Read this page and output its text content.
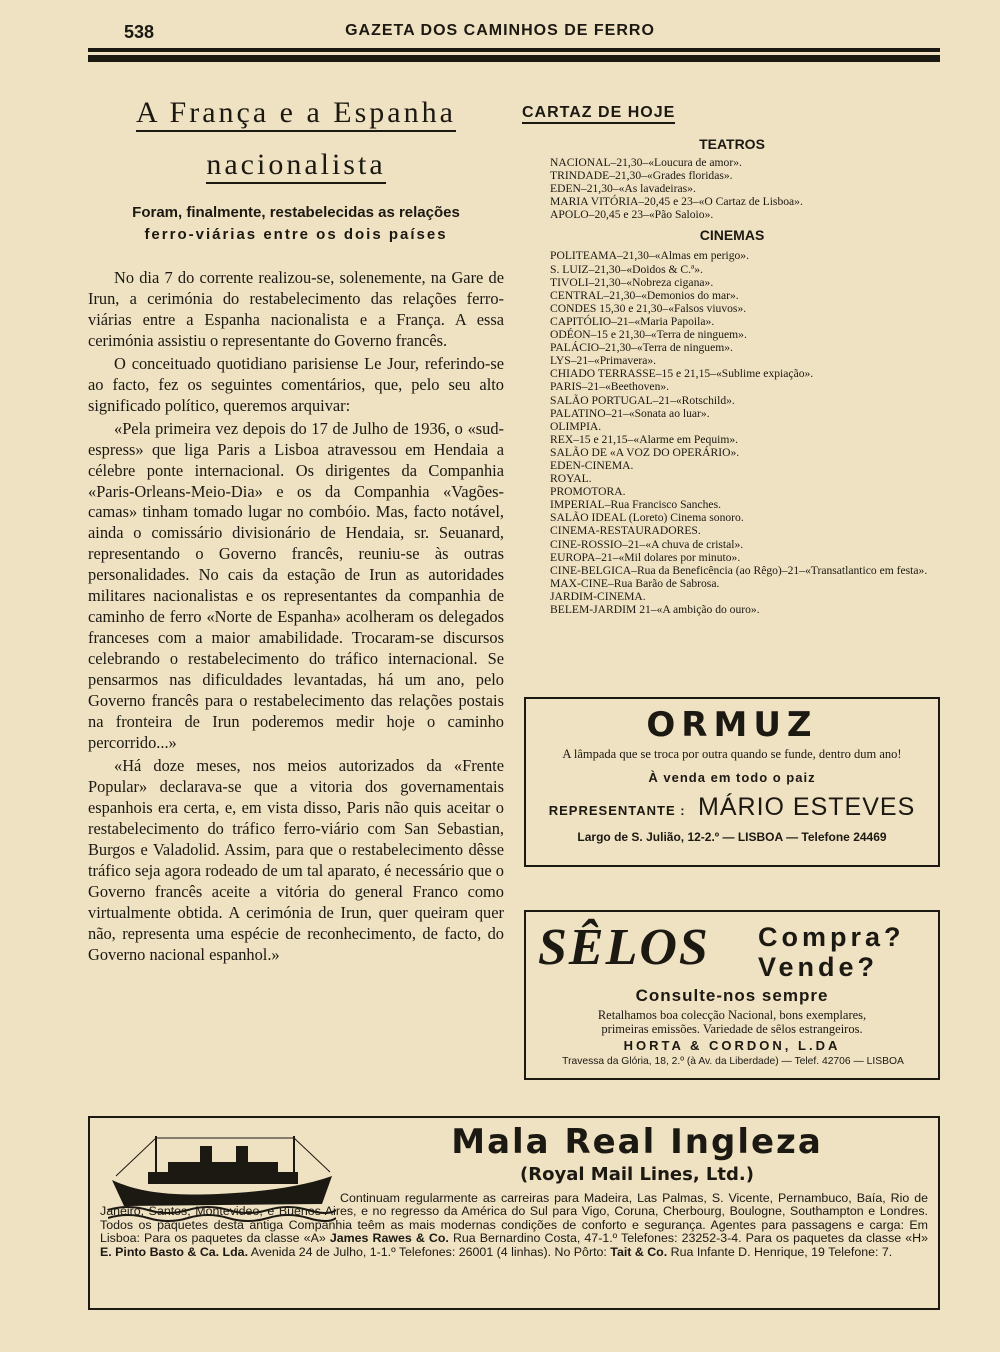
538	GAZETA DOS CAMINHOS DE FERRO
A França e a Espanha
nacionalista
Foram, finalmente, restabelecidas as relações
ferro-viárias entre os dois países

No dia 7 do corrente realizou-se, solenemente, na Gare de Irun, a cerimónia do restabelecimento das relações ferro-viárias entre a Espanha nacionalista e a França. A essa cerimónia assistiu o representante do Governo francês.

O conceituado quotidiano parisiense Le Jour, referindo-se ao facto, fez os seguintes comentários, que, pelo seu alto significado político, queremos arquivar:

«Pela primeira vez depois do 17 de Julho de 1936, o «sud-espress» que liga Paris a Lisboa atravessou em Hendaia a célebre ponte internacional. Os dirigentes da Companhia «Paris-Orleans-Meio-Dia» e os da Companhia «Vagões-camas» tinham tomado lugar no combóio. Mas, facto notável, ainda o comissário divisionário de Hendaia, sr. Seuanard, representando o Governo francês, reuniu-se às outras personalidades. No cais da estação de Irun as autoridades militares nacionalistas e os representantes da companhia de caminho de ferro «Norte de Espanha» acolheram os delegados franceses com a maior amabilidade. Trocaram-se discursos celebrando o restabelecimento do tráfico internacional. Se pensarmos nas dificuldades levantadas, há um ano, pelo Governo francês para o restabelecimento das relações postais na fronteira de Irun poderemos medir hoje o caminho percorrido...»

«Há doze meses, nos meios autorizados da «Frente Popular» declarava-se que a vitoria dos governamentais espanhois era certa, e, em vista disso, Paris não quis aceitar o restabelecimento do tráfico ferro-viário com San Sebastian, Burgos e Valadolid. Assim, para que o restabelecimento dêsse tráfico seja agora rodeado de um tal aparato, é necessário que o Governo francês aceite a vitória do general Franco como virtualmente obtida. A cerimónia de Irun, quer queiram quer não, representa uma espécie de reconhecimento, de facto, do Governo nacional espanhol.»

CARTAZ DE HOJE
TEATROS
NACIONAL–21,30–«Loucura de amor».
TRINDADE–21,30–«Grades floridas».
EDEN–21,30–«As lavadeiras».
MARIA VITÓRIA–20,45 e 23–«O Cartaz de Lisboa».
APOLO–20,45 e 23–«Pão Saloio».
CINEMAS
POLITEAMA–21,30–«Almas em perigo».
S. LUIZ–21,30–«Doidos & C.ª».
TIVOLI–21,30–«Nobreza cigana».
CENTRAL–21,30–«Demonios do mar».
CONDES 15,30 e 21,30–«Falsos viuvos».
CAPITÓLIO–21–«Maria Papoila».
ODÉON–15 e 21,30–«Terra de ninguem».
PALÁCIO–21,30–«Terra de ninguem».
LYS–21–«Primavera».
CHIADO TERRASSE–15 e 21,15–«Sublime expiação».
PARIS–21–«Beethoven».
SALÃO PORTUGAL–21–«Rotschild».
PALATINO–21–«Sonata ao luar».
OLIMPIA.
REX–15 e 21,15–«Alarme em Pequim».
SALÃO DE «A VOZ DO OPERÁRIO».
EDEN-CINEMA.
ROYAL.
PROMOTORA.
IMPERIAL–Rua Francisco Sanches.
SALÃO IDEAL (Loreto) Cinema sonoro.
CINEMA-RESTAURADORES.
CINE-ROSSIO–21–«A chuva de cristal».
EUROPA–21–«Mil dolares por minuto».
CINE-BELGICA–Rua da Beneficência (ao Rêgo)–21–«Transatlantico em festa».
MAX-CINE–Rua Barão de Sabrosa.
JARDIM-CINEMA.
BELEM-JARDIM 21–«A ambição do ouro».
ORMUZ
A lâmpada que se troca por outra quando se funde, dentro dum ano!
À venda em todo o paiz
REPRESENTANTE : MÁRIO ESTEVES
Largo de S. Julião, 12-2.º — LISBOA — Telefone 24469
SÊLOS Compra?
Vende?
Consulte-nos sempre
Retalhamos boa colecção Nacional, bons exemplares,
primeiras emissões. Variedade de sêlos estrangeiros.
HORTA & CORDON, L.DA
Travessa da Glória, 18, 2.º (à Av. da Liberdade) — Telef. 42706 — LISBOA
Mala Real Ingleza
(Royal Mail Lines, Ltd.)
Continuam regularmente as carreiras para Madeira, Las Palmas, S. Vicente, Pernambuco, Baía, Rio de Janeiro, Santos, Montevideo, e Buenos Aires, e no regresso da América do Sul para Vigo, Coruna, Cherbourg, Boulogne, Southampton e Londres. Todos os paquetes desta antiga Companhia teêm as mais modernas condições de conforto e segurança. Agentes para passagens e carga: Em Lisboa: Para os paquetes da classe «A» James Rawes & Co. Rua Bernardino Costa, 47-1.º Telefones: 23252-3-4. Para os paquetes da classe «H» E. Pinto Basto & Ca. Lda. Avenida 24 de Julho, 1-1.º Telefones: 26001 (4 linhas). No Pôrto: Tait & Co. Rua Infante D. Henrique, 19 Telefone: 7.
